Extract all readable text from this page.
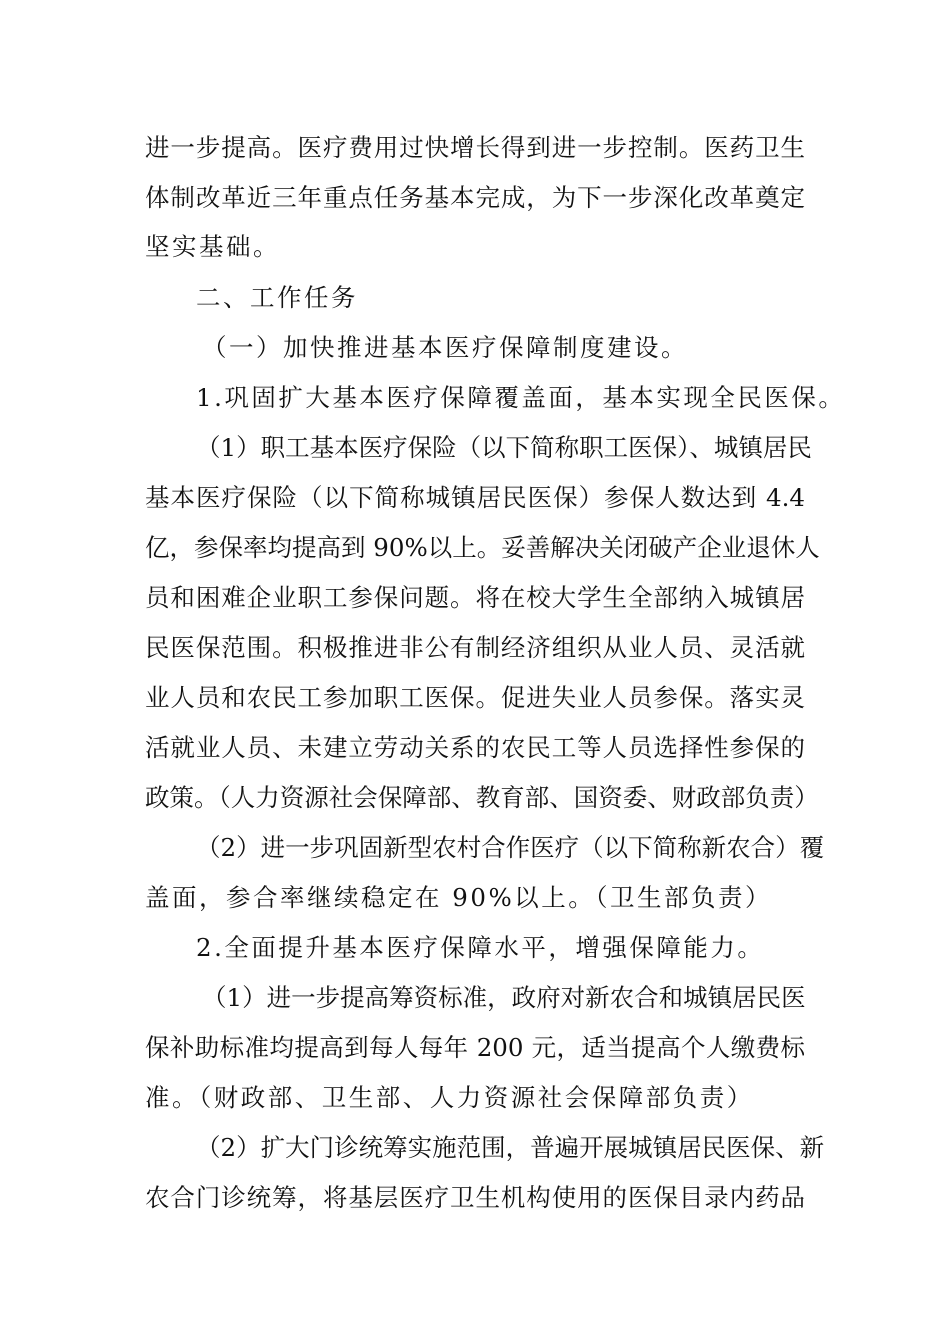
进一步提高。医疗费用过快增长得到进一步控制。医药卫生
体制改革近三年重点任务基本完成，为下一步深化改革奠定
坚实基础。
二、工作任务
（一）加快推进基本医疗保障制度建设。
1.巩固扩大基本医疗保障覆盖面，基本实现全民医保。
（1）职工基本医疗保险（以下简称职工医保）、城镇居民
基本医疗保险（以下简称城镇居民医保）参保人数达到 4.4
亿，参保率均提高到 90%以上。妥善解决关闭破产企业退休人
员和困难企业职工参保问题。将在校大学生全部纳入城镇居
民医保范围。积极推进非公有制经济组织从业人员、灵活就
业人员和农民工参加职工医保。促进失业人员参保。落实灵
活就业人员、未建立劳动关系的农民工等人员选择性参保的
政策。（人力资源社会保障部、教育部、国资委、财政部负责）
（2）进一步巩固新型农村合作医疗（以下简称新农合）覆
盖面，参合率继续稳定在 90%以上。（卫生部负责）
2.全面提升基本医疗保障水平，增强保障能力。
（1）进一步提高筹资标准，政府对新农合和城镇居民医
保补助标准均提高到每人每年 200 元，适当提高个人缴费标
准。（财政部、卫生部、人力资源社会保障部负责）
（2）扩大门诊统筹实施范围，普遍开展城镇居民医保、新
农合门诊统筹，将基层医疗卫生机构使用的医保目录内药品
